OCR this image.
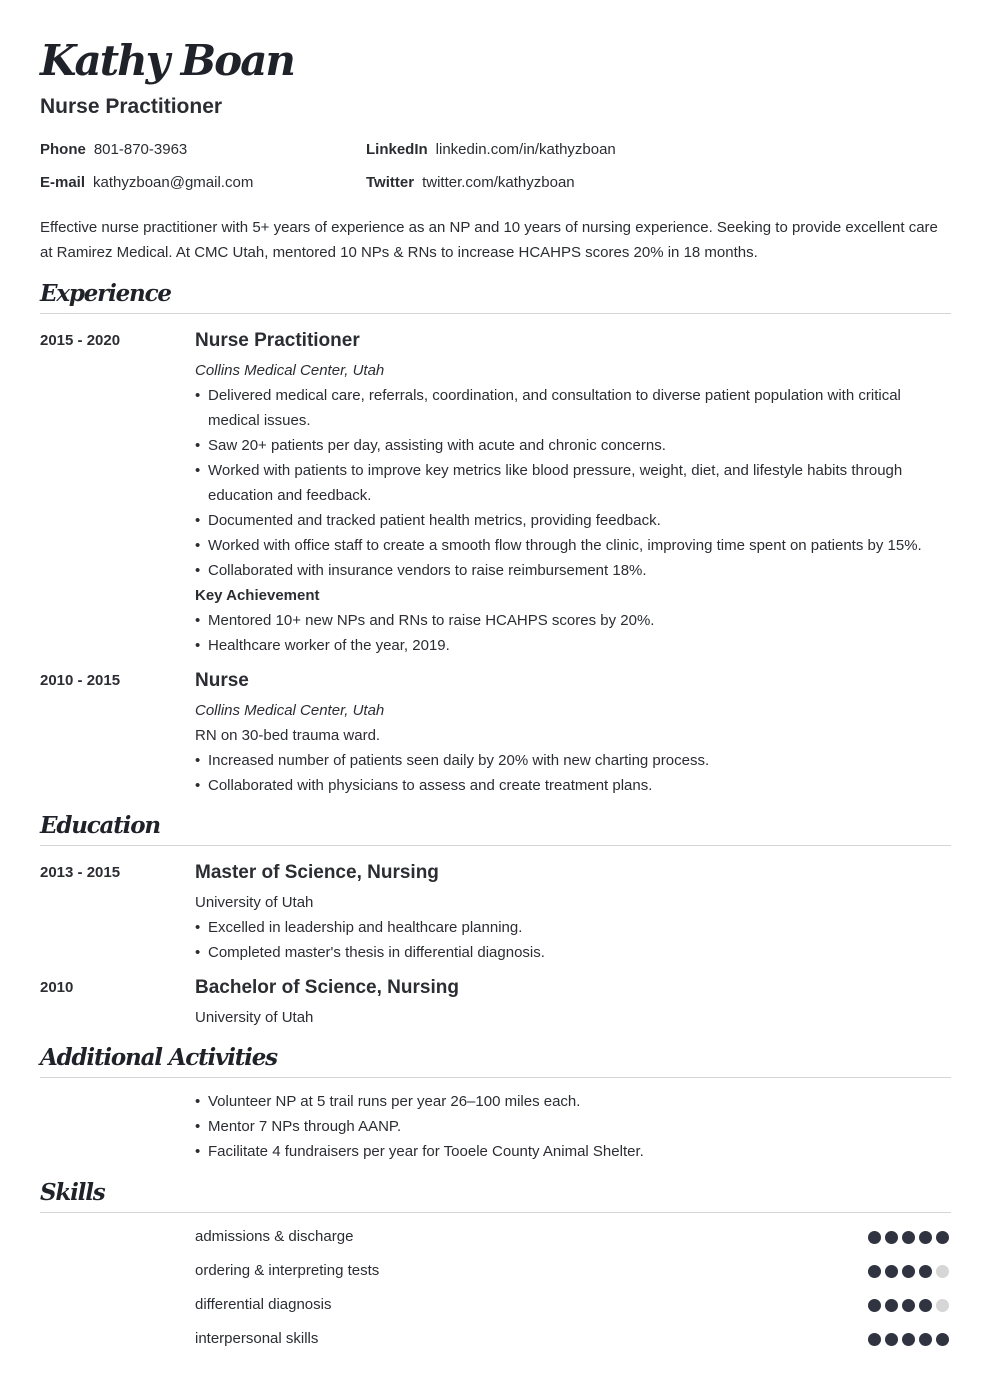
Kathy Boan
Nurse Practitioner
Phone 801-870-3963	LinkedIn linkedin.com/in/kathyzboan
E-mail kathyzboan@gmail.com	Twitter twitter.com/kathyzboan

Effective nurse practitioner with 5+ years of experience as an NP and 10 years of nursing experience. Seeking to provide excellent care at Ramirez Medical. At CMC Utah, mentored 10 NPs & RNs to increase HCAHPS scores 20% in 18 months.

Experience
2015 - 2020	Nurse Practitioner
Collins Medical Center, Utah
• Delivered medical care, referrals, coordination, and consultation to diverse patient population with critical medical issues.
• Saw 20+ patients per day, assisting with acute and chronic concerns.
• Worked with patients to improve key metrics like blood pressure, weight, diet, and lifestyle habits through education and feedback.
• Documented and tracked patient health metrics, providing feedback.
• Worked with office staff to create a smooth flow through the clinic, improving time spent on patients by 15%.
• Collaborated with insurance vendors to raise reimbursement 18%.
Key Achievement
• Mentored 10+ new NPs and RNs to raise HCAHPS scores by 20%.
• Healthcare worker of the year, 2019.
2010 - 2015	Nurse
Collins Medical Center, Utah
RN on 30-bed trauma ward.
• Increased number of patients seen daily by 20% with new charting process.
• Collaborated with physicians to assess and create treatment plans.
Education
2013 - 2015	Master of Science, Nursing
University of Utah
• Excelled in leadership and healthcare planning.
• Completed master's thesis in differential diagnosis.
2010	Bachelor of Science, Nursing
University of Utah
Additional Activities
• Volunteer NP at 5 trail runs per year 26–100 miles each.
• Mentor 7 NPs through AANP.
• Facilitate 4 fundraisers per year for Tooele County Animal Shelter.
Skills
admissions & discharge
ordering & interpreting tests
differential diagnosis
interpersonal skills
